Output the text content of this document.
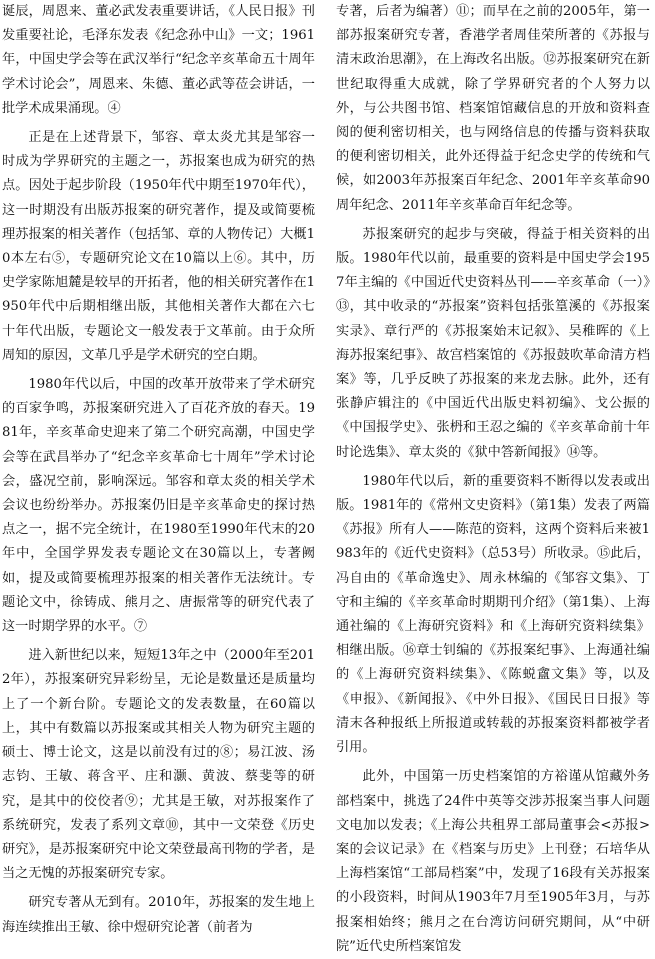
诞辰，周恩来、董必武发表重要讲话，《人民日报》刊发重要社论，毛泽东发表《纪念孙中山》一文；1961年，中国史学会等在武汉举行“纪念辛亥革命五十周年学术讨论会”，周恩来、朱德、董必武等莅会讲话，一批学术成果涌现。④

正是在上述背景下，邹容、章太炎尤其是邹容一时成为学界研究的主题之一，苏报案也成为研究的热点。因处于起步阶段（1950年代中期至1970年代），这一时期没有出版苏报案的研究著作，提及或简要梳理苏报案的相关著作（包括邹、章的人物传记）大概10本左右⑤，专题研究论文在10篇以上⑥。其中，历史学家陈旭麓是较早的开拓者，他的相关研究著作在1950年代中后期相继出版，其他相关著作大都在六七十年代出版，专题论文一般发表于文革前。由于众所周知的原因，文革几乎是学术研究的空白期。

1980年代以后，中国的改革开放带来了学术研究的百家争鸣，苏报案研究进入了百花齐放的春天。1981年，辛亥革命史迎来了第二个研究高潮，中国史学会等在武昌举办了“纪念辛亥革命七十周年”学术讨论会，盛况空前，影响深远。邹容和章太炎的相关学术会议也纷纷举办。苏报案仍旧是辛亥革命史的探讨热点之一，据不完全统计，在1980至1990年代末的20年中，全国学界发表专题论文在30篇以上，专著阙如，提及或简要梳理苏报案的相关著作无法统计。专题论文中，徐铸成、熊月之、唐振常等的研究代表了这一时期学界的水平。⑦

进入新世纪以来，短短13年之中（2000年至2012年），苏报案研究异彩纷呈，无论是数量还是质量均上了一个新台阶。专题论文的发表数量，在60篇以上，其中有数篇以苏报案或其相关人物为研究主题的硕士、博士论文，这是以前没有过的⑧；易江波、汤志钧、王敏、蒋含平、庄和灏、黄波、蔡斐等的研究，是其中的佼佼者⑨；尤其是王敏，对苏报案作了系统研究，发表了系列文章⑩，其中一文荣登《历史研究》，是苏报案研究中论文荣登最高刊物的学者，是当之无愧的苏报案研究专家。

研究专著从无到有。2010年，苏报案的发生地上海连续推出王敏、徐中煜研究论著（前者为

专著，后者为编著）⑪；而早在之前的2005年，第一部苏报案研究专著，香港学者周佳荣所著的《苏报与清末政治思潮》，在上海改名出版。⑫苏报案研究在新世纪取得重大成就，除了学界研究者的个人努力以外，与公共图书馆、档案馆馆藏信息的开放和资料查阅的便利密切相关，也与网络信息的传播与资料获取的便利密切相关，此外还得益于纪念史学的传统和气候，如2003年苏报案百年纪念、2001年辛亥革命90周年纪念、2011年辛亥革命百年纪念等。

苏报案研究的起步与突破，得益于相关资料的出版。1980年代以前，最重要的资料是中国史学会1957年主编的《中国近代史资料丛刊——辛亥革命（一）》⑬，其中收录的“苏报案”资料包括张篁溪的《苏报案实录》、章行严的《苏报案始末记叙》、吴稚晖的《上海苏报案纪事》、故宫档案馆的《苏报鼓吹革命清方档案》等，几乎反映了苏报案的来龙去脉。此外，还有张静庐辑注的《中国近代出版史料初编》、戈公振的《中国报学史》、张枬和王忍之编的《辛亥革命前十年时论选集》、章太炎的《狱中答新闻报》⑭等。

1980年代以后，新的重要资料不断得以发表或出版。1981年的《常州文史资料》（第1集）发表了两篇《苏报》所有人——陈范的资料，这两个资料后来被1983年的《近代史资料》（总53号）所收录。⑮此后，冯自由的《革命逸史》、周永林编的《邹容文集》、丁守和主编的《辛亥革命时期期刊介绍》（第1集）、上海通社编的《上海研究资料》和《上海研究资料续集》相继出版。⑯章士钊编的《苏报案纪事》、上海通社编的《上海研究资料续集》、《陈蜕盦文集》等，以及《申报》、《新闻报》、《中外日报》、《国民日日报》等清末各种报纸上所报道或转载的苏报案资料都被学者引用。

此外，中国第一历史档案馆的方裕谨从馆藏外务部档案中，挑选了24件中英等交涉苏报案当事人问题文电加以发表；《上海公共租界工部局董事会<苏报>案的会议记录》在《档案与历史》上刊登；石培华从上海档案馆“工部局档案”中，发现了16段有关苏报案的小段资料，时间从1903年7月至1905年3月，与苏报案相始终；熊月之在台湾访问研究期间，从“中研院”近代史所档案馆发
